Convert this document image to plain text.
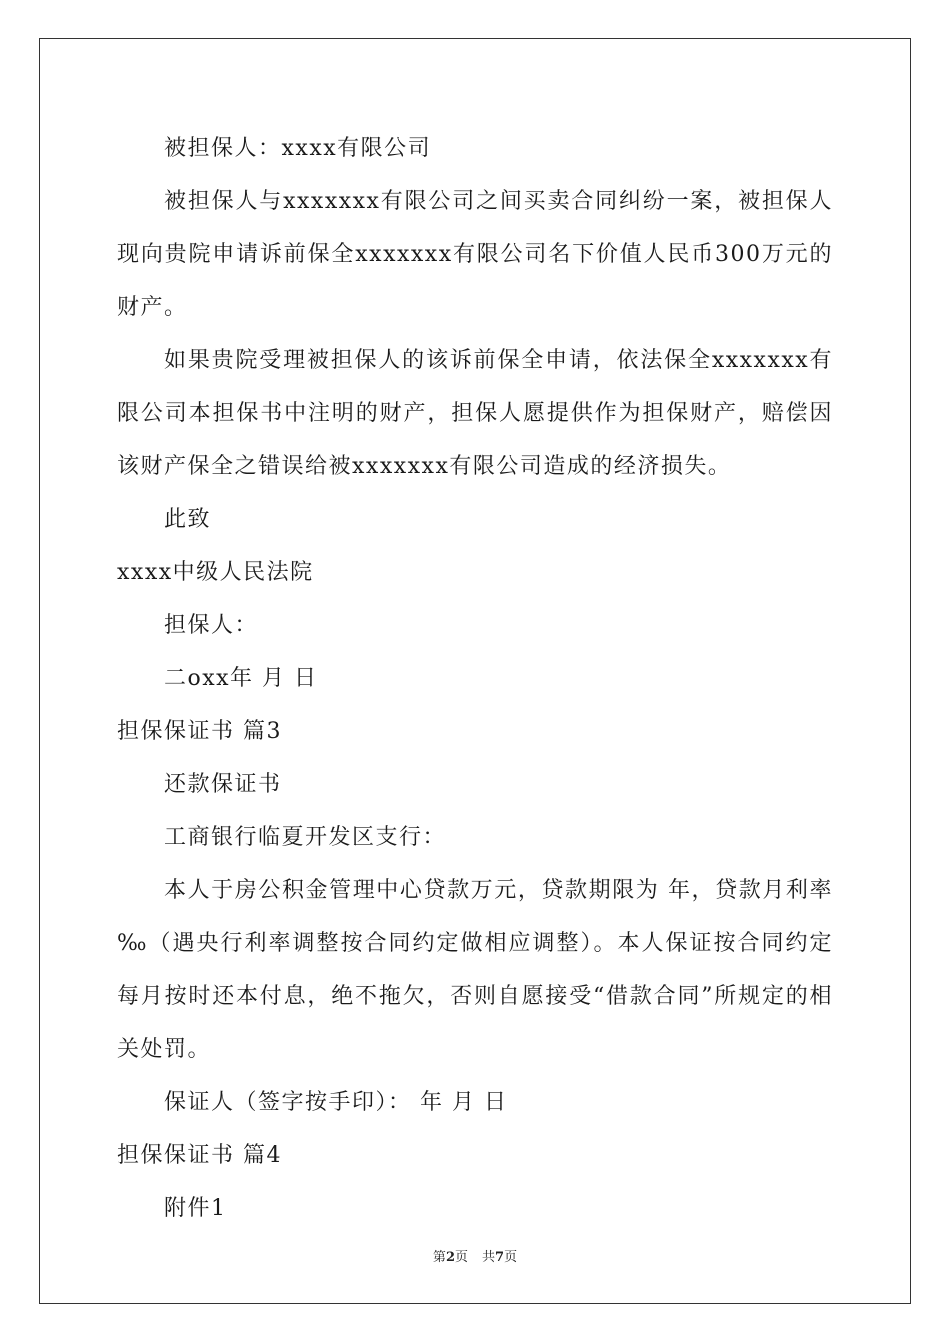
被担保人：xxxx有限公司

被担保人与xxxxxxx有限公司之间买卖合同纠纷一案，被担保人现向贵院申请诉前保全xxxxxxx有限公司名下价值人民币300万元的财产。

如果贵院受理被担保人的该诉前保全申请，依法保全xxxxxxx有限公司本担保书中注明的财产，担保人愿提供作为担保财产，赔偿因该财产保全之错误给被xxxxxxx有限公司造成的经济损失。

此致

xxxx中级人民法院

担保人：

二oxx年 月 日

担保保证书 篇3

还款保证书

工商银行临夏开发区支行：

本人于房公积金管理中心贷款万元，贷款期限为 年，贷款月利率 ‰（遇央行利率调整按合同约定做相应调整）。本人保证按合同约定每月按时还本付息，绝不拖欠，否则自愿接受“借款合同”所规定的相关处罚。

保证人（签字按手印）： 年 月 日

担保保证书 篇4

附件1

第2页 共7页
